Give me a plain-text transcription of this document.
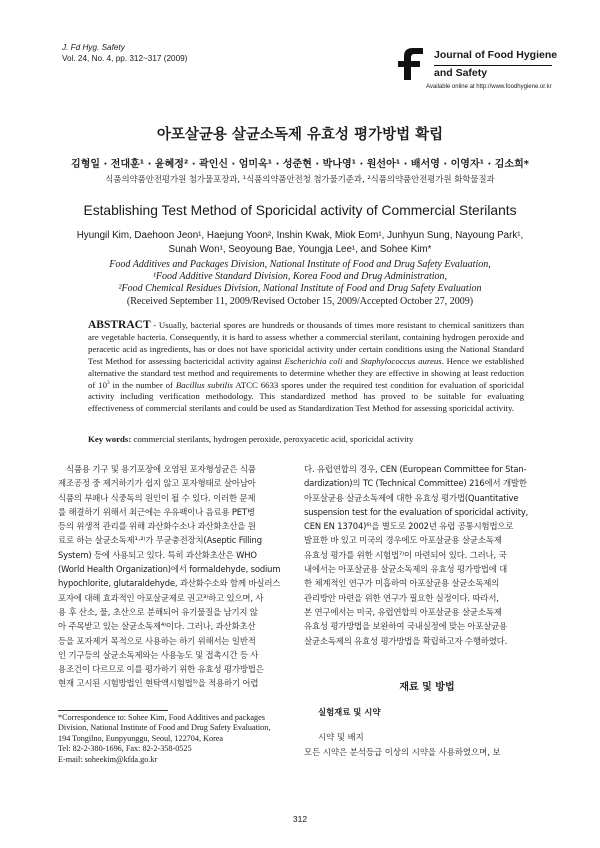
J. Fd Hyg. Safety
Vol. 24, No. 4, pp. 312~317 (2009)	Journal of Food Hygiene
and Safety
Available online at http://www.foodhygiene.or.kr
아포살균용 살균소독제 유효성 평가방법 확립
김형일 · 전대훈¹ · 윤혜정² · 곽인신 · 엄미옥¹ · 성준현 · 박나영¹ · 원선아¹ · 배서영 · 이영자¹ · 김소희*
식품의약품안전평가원 첨가물포장과, ¹식품의약품안전청 첨가물기준과, ²식품의약품안전평가원 화학물질과
Establishing Test Method of Sporicidal activity of Commercial Sterilants
Hyungil Kim, Daehoon Jeon¹, Haejung Yoon², Inshin Kwak, Miok Eom¹, Junhyun Sung, Nayoung Park¹,
Sunah Won¹, Seoyoung Bae, Youngja Lee¹, and Sohee Kim*
Food Additives and Packages Division, National Institute of Food and Drug Safety Evaluation,
¹Food Additive Standard Division, Korea Food and Drug Administration,
²Food Chemical Residues Division, National Institute of Food and Drug Safety Evaluation
(Received September 11, 2009/Revised October 15, 2009/Accepted October 27, 2009)
ABSTRACT - Usually, bacterial spores are hundreds or thousands of times more resistant to chemical sanitizers than are vegetable bacteria. Consequently, it is hard to assess whether a commercial sterilant, containing hydrogen peroxide and peracetic acid as ingredients, has or does not have sporicidal activity under certain conditions using the National Standard Test Method for assessing bactericidal activity against Escherichia coli and Staphylococcus aureus. Hence we established alternative the standard test method and requirements to determine whether they are effective in showing at least reduction of $10^3$ in the number of Bacillus subtilis ATCC 6633 spores under the required test condition for evaluation of sporicidal activity including verification methodology. This standardized method has proved to be suitable for evaluating effectiveness of commercial sterilants and could be used as Standardization Test Method for assessing sporicidal activity.
Key words: commercial sterilants, hydrogen peroxide, peroxyacetic acid, sporicidal activity
식품용 기구 및 용기포장에 오염된 포자형성균은 식품
제조공정 중 제거하기가 쉽지 않고 포자형태로 살아남아
식품의 부패나 식중독의 원인이 될 수 있다. 이러한 문제
를 해결하기 위해서 최근에는 우유팩이나 음료용 PET병
등의 위생적 관리를 위해 과산화수소나 과산화초산을 원
료로 하는 살균소독제¹·²⁾가 무균충전장치(Aseptic Filling
System) 등에 사용되고 있다. 특히 과산화초산은 WHO
(World Health Organization)에서 formaldehyde, sodium
hypochlorite, glutaraldehyde, 과산화수소와 함께 바실러스
포자에 대해 효과적인 아포살균제로 권고³⁾하고 있으며, 사
용 후 산소, 물, 초산으로 분해되어 유기물질을 남기지 않
아 주목받고 있는 살균소독제⁴⁾이다. 그러나, 과산화초산
등을 포자제거 목적으로 사용하는 하기 위해서는 일반적
인 기구등의 살균소독제와는 사용농도 및 접촉시간 등 사
용조건이 다르므로 이를 평가하기 위한 유효성 평가방법은
현재 고시된 시험방법인 현탁액시험법⁵⁾을 적용하기 어렵
다. 유럽연합의 경우, CEN (European Committee for Stan-
dardization)의 TC (Technical Committee) 216에서 개발한
아포살균용 살균소독제에 대한 유효성 평가법(Quantitative
suspension test for the evaluation of sporicidal activity,
CEN EN 13704)⁶⁾을 별도로 2002년 유럽 공통시험법으로
발표한 바 있고 미국의 경우에도 아포살균용 살균소독제
유효성 평가를 위한 시험법⁷⁾이 마련되어 있다. 그러나, 국
내에서는 아포살균용 살균소독제의 유효성 평가방법에 대
한 체계적인 연구가 미흡하여 아포살균용 살균소독제의
관리방안 마련을 위한 연구가 필요한 실정이다. 따라서,
본 연구에서는 미국, 유럽연합의 아포살균용 살균소독제
유효성 평가방법을 보완하여 국내실정에 맞는 아포살균용
살균소독제의 유효성 평가방법을 확립하고자 수행하였다.
재료 및 방법
실험재료 및 시약
시약 및 배지
모든 시약은 분석등급 이상의 시약을 사용하였으며, 보
*Correspondence to: Sohee Kim, Food Additives and packages
Division, National Institute of Food and Drug Safety Evaluation,
194 Tongilno, Eunpyunggu, Seoul, 122704, Korea
Tel: 82-2-380-1696, Fax: 82-2-358-0525
E-mail: soheekim@kfda.go.kr
312
